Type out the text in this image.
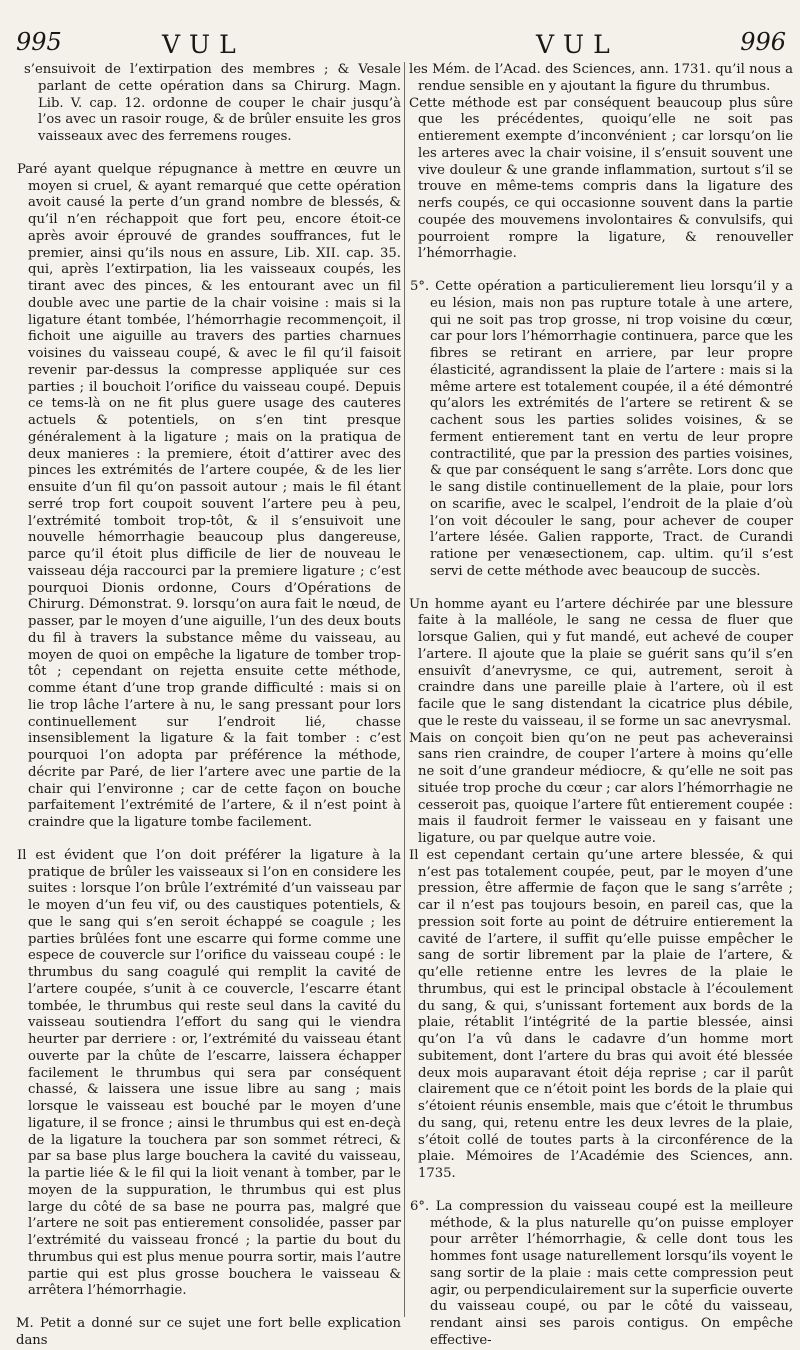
995	VUL	VUL	996

s’ensuivoit de l’extirpation des membres ; & Vesale parlant de cette opération dans sa Chirurg. Magn. Lib. V. cap. 12. ordonne de couper le chair jusqu’à l’os avec un rasoir rouge, & de brûler ensuite les gros vaisseaux avec des ferremens rouges.

Paré ayant quelque répugnance à mettre en œuvre un moyen si cruel, & ayant remarqué que cette opération avoit causé la perte d’un grand nombre de blessés, & qu’il n’en réchappoit que fort peu, encore étoit-ce après avoir éprouvé de grandes souffrances, fut le premier, ainsi qu’ils nous en assure, Lib. XII. cap. 35. qui, après l’extirpation, lia les vaisseaux coupés, les tirant avec des pinces, & les entourant avec un fil double avec une partie de la chair voisine : mais si la ligature étant tombée, l’hémorrhagie recommençoit, il fichoit une aiguille au travers des parties charnues voisines du vaisseau coupé, & avec le fil qu’il faisoit revenir par-dessus la compresse appliquée sur ces parties ; il bouchoit l’orifice du vaisseau coupé. Depuis ce tems-là on ne fit plus guere usage des cauteres actuels & potentiels, on s’en tint presque généralement à la ligature ; mais on la pratiqua de deux manieres : la premiere, étoit d’attirer avec des pinces les extrémités de l’artere coupée, & de les lier ensuite d’un fil qu’on passoit autour ; mais le fil étant serré trop fort coupoit souvent l’artere peu à peu, l’extrémité tomboit trop-tôt, & il s’ensuivoit une nouvelle hémorrhagie beaucoup plus dangereuse, parce qu’il étoit plus difficile de lier de nouveau le vaisseau déja raccourci par la premiere ligature ; c’est pourquoi Dionis ordonne, Cours d’Opérations de Chirurg. Démonstrat. 9. lorsqu’on aura fait le nœud, de passer, par le moyen d’une aiguille, l’un des deux bouts du fil à travers la substance même du vaisseau, au moyen de quoi on empêche la ligature de tomber trop-tôt ; cependant on rejetta ensuite cette méthode, comme étant d’une trop grande difficulté : mais si on lie trop lâche l’artere à nu, le sang pressant pour lors continuellement sur l’endroit lié, chasse insensiblement la ligature & la fait tomber : c’est pourquoi l’on adopta par préférence la méthode, décrite par Paré, de lier l’artere avec une partie de la chair qui l’environne ; car de cette façon on bouche parfaitement l’extrémité de l’artere, & il n’est point à craindre que la ligature tombe facilement.

Il est évident que l’on doit préférer la ligature à la pratique de brûler les vaisseaux si l’on en considere les suites : lorsque l’on brûle l’extrémité d’un vaisseau par le moyen d’un feu vif, ou des caustiques potentiels, & que le sang qui s’en seroit échappé se coagule ; les parties brûlées font une escarre qui forme comme une espece de couvercle sur l’orifice du vaisseau coupé : le thrumbus du sang coagulé qui remplit la cavité de l’artere coupée, s’unit à ce couvercle, l’escarre étant tombée, le thrumbus qui reste seul dans la cavité du vaisseau soutiendra l’effort du sang qui le viendra heurter par derriere : or, l’extrémité du vaisseau étant ouverte par la chûte de l’escarre, laissera échapper facilement le thrumbus qui sera par conséquent chassé, & laissera une issue libre au sang ; mais lorsque le vaisseau est bouché par le moyen d’une ligature, il se fronce ; ainsi le thrumbus qui est en-deçà de la ligature la touchera par son sommet rétreci, & par sa base plus large bouchera la cavité du vaisseau, la partie liée & le fil qui la lioit venant à tomber, par le moyen de la suppuration, le thrumbus qui est plus large du côté de sa base ne pourra pas, malgré que l’artere ne soit pas entierement consolidée, passer par l’extrémité du vaisseau froncé ; la partie du bout du thrumbus qui est plus menue pourra sortir, mais l’autre partie qui est plus grosse bouchera le vaisseau & arrêtera l’hémorrhagie.

M. Petit a donné sur ce sujet une fort belle explication dans

les Mém. de l’Acad. des Sciences, ann. 1731. qu’il nous a rendue sensible en y ajoutant la figure du thrumbus.

Cette méthode est par conséquent beaucoup plus sûre que les précédentes, quoiqu’elle ne soit pas entierement exempte d’inconvénient ; car lorsqu’on lie les arteres avec la chair voisine, il s’ensuit souvent une vive douleur & une grande inflammation, surtout s’il se trouve en même-tems compris dans la ligature des nerfs coupés, ce qui occasionne souvent dans la partie coupée des mouvemens involontaires & convulsifs, qui pourroient rompre la ligature, & renouveller l’hémorrhagie.

5°. Cette opération a particulierement lieu lorsqu’il y a eu lésion, mais non pas rupture totale à une artere, qui ne soit pas trop grosse, ni trop voisine du cœur, car pour lors l’hémorrhagie continuera, parce que les fibres se retirant en arriere, par leur propre élasticité, agrandissent la plaie de l’artere : mais si la même artere est totalement coupée, il a été démontré qu’alors les extrémités de l’artere se retirent & se cachent sous les parties solides voisines, & se ferment entierement tant en vertu de leur propre contractilité, que par la pression des parties voisines, & que par conséquent le sang s’arrête. Lors donc que le sang distile continuellement de la plaie, pour lors on scarifie, avec le scalpel, l’endroit de la plaie d’où l’on voit découler le sang, pour achever de couper l’artere lésée. Galien rapporte, Tract. de Curandi ratione per venæsectionem, cap. ultim. qu’il s’est servi de cette méthode avec beaucoup de succès.

Un homme ayant eu l’artere déchirée par une blessure faite à la malléole, le sang ne cessa de fluer que lorsque Galien, qui y fut mandé, eut achevé de couper l’artere. Il ajoute que la plaie se guérit sans qu’il s’en ensuivît d’anevrysme, ce qui, autrement, seroit à craindre dans une pareille plaie à l’artere, où il est facile que le sang distendant la cicatrice plus débile, que le reste du vaisseau, il se forme un sac anevrysmal.

Mais on conçoit bien qu’on ne peut pas acheverainsi sans rien craindre, de couper l’artere à moins qu’elle ne soit d’une grandeur médiocre, & qu’elle ne soit pas située trop proche du cœur ; car alors l’hémorrhagie ne cesseroit pas, quoique l’artere fût entierement coupée : mais il faudroit fermer le vaisseau en y faisant une ligature, ou par quelque autre voie.

Il est cependant certain qu’une artere blessée, & qui n’est pas totalement coupée, peut, par le moyen d’une pression, être affermie de façon que le sang s’arrête ; car il n’est pas toujours besoin, en pareil cas, que la pression soit forte au point de détruire entierement la cavité de l’artere, il suffit qu’elle puisse empêcher le sang de sortir librement par la plaie de l’artere, & qu’elle retienne entre les levres de la plaie le thrumbus, qui est le principal obstacle à l’écoulement du sang, & qui, s’unissant fortement aux bords de la plaie, rétablit l’intégrité de la partie blessée, ainsi qu’on l’a vû dans le cadavre d’un homme mort subitement, dont l’artere du bras qui avoit été blessée deux mois auparavant étoit déja reprise ; car il parût clairement que ce n’étoit point les bords de la plaie qui s’étoient réunis ensemble, mais que c’étoit le thrumbus du sang, qui, retenu entre les deux levres de la plaie, s’étoit collé de toutes parts à la circonférence de la plaie. Mémoires de l’Académie des Sciences, ann. 1735.

6°. La compression du vaisseau coupé est la meilleure méthode, & la plus naturelle qu’on puisse employer pour arrêter l’hémorrhagie, & celle dont tous les hommes font usage naturellement lorsqu’ils voyent le sang sortir de la plaie : mais cette compression peut agir, ou perpendiculairement sur la superficie ouverte du vaisseau coupé, ou par le côté du vaisseau, rendant ainsi ses parois contigus. On empêche effective-
